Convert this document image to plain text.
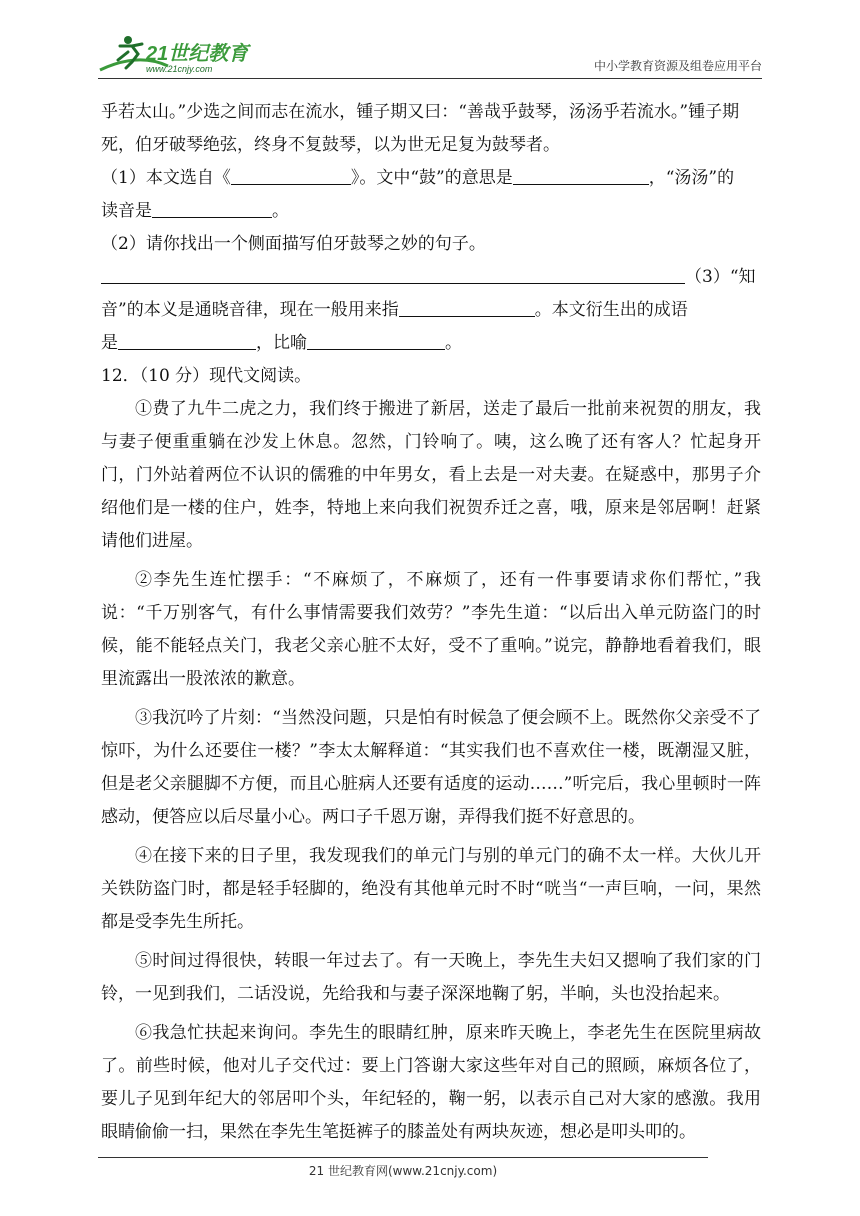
21世纪教育
www.21cnjy.com	中小学教育资源及组卷应用平台
乎若太山。”少选之间而志在流水，锺子期又曰：“善哉乎鼓琴，汤汤乎若流水。”锺子期
死，伯牙破琴绝弦，终身不复鼓琴，以为世无足复为鼓琴者。
（1）本文选自《	》。文中“鼓”的意思是	，“汤汤”的
读音是	。
（2）请你找出一个侧面描写伯牙鼓琴之妙的句子。
（3）“知
音”的本义是通晓音律，现在一般用来指	。本文衍生出的成语
是	，比喻	。
12．（10 分）现代文阅读。

①费了九牛二虎之力，我们终于搬进了新居，送走了最后一批前来祝贺的朋友，我与妻子便重重躺在沙发上休息。忽然，门铃响了。咦，这么晚了还有客人？忙起身开门，门外站着两位不认识的儒雅的中年男女，看上去是一对夫妻。在疑惑中，那男子介绍他们是一楼的住户，姓李，特地上来向我们祝贺乔迁之喜，哦，原来是邻居啊！赶紧请他们进屋。

②李先生连忙摆手：“不麻烦了，不麻烦了，还有一件事要请求你们帮忙，”我说：“千万别客气，有什么事情需要我们效劳？”李先生道：“以后出入单元防盗门的时候，能不能轻点关门，我老父亲心脏不太好，受不了重响。”说完，静静地看着我们，眼里流露出一股浓浓的歉意。

③我沉吟了片刻：“当然没问题，只是怕有时候急了便会顾不上。既然你父亲受不了惊吓，为什么还要住一楼？”李太太解释道：“其实我们也不喜欢住一楼，既潮湿又脏，但是老父亲腿脚不方便，而且心脏病人还要有适度的运动……”听完后，我心里顿时一阵感动，便答应以后尽量小心。两口子千恩万谢，弄得我们挺不好意思的。

④在接下来的日子里，我发现我们的单元门与别的单元门的确不太一样。大伙儿开关铁防盗门时，都是轻手轻脚的，绝没有其他单元时不时“咣当“一声巨响，一问，果然都是受李先生所托。

⑤时间过得很快，转眼一年过去了。有一天晚上，李先生夫妇又摁响了我们家的门铃，一见到我们，二话没说，先给我和与妻子深深地鞠了躬，半晌，头也没抬起来。

⑥我急忙扶起来询问。李先生的眼睛红肿，原来昨天晚上，李老先生在医院里病故了。前些时候，他对儿子交代过：要上门答谢大家这些年对自己的照顾，麻烦各位了，要儿子见到年纪大的邻居叩个头，年纪轻的，鞠一躬，以表示自己对大家的感激。我用眼睛偷偷一扫，果然在李先生笔挺裤子的膝盖处有两块灰迹，想必是叩头叩的。

21 世纪教育网(www.21cnjy.com)
